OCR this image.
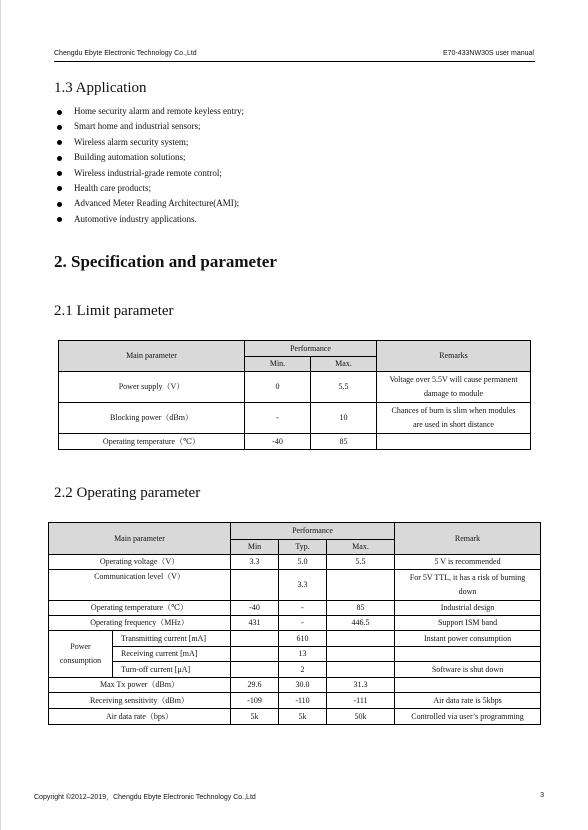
Chengdu Ebyte Electronic Technology Co.,Ltd	E70-433NW30S user manual
1.3 Application
Home security alarm and remote keyless entry;
Smart home and industrial sensors;
Wireless alarm security system;
Building automation solutions;
Wireless industrial-grade remote control;
Health care products;
Advanced Meter Reading Architecture(AMI);
Automotive industry applications.
2. Specification and parameter
2.1 Limit parameter
Main parameter	Performance		Remarks
	Min.	Max.	
Power supply（V）	0	5.5	Voltage over 5.5V will cause permanent
damage to module
Blocking power（dBm）	-	10	Chances of burn is slim when modules
are used in short distance
Operating temperature（℃）	-40	85	
2.2 Operating parameter
Main parameter		Performance			Remark
		Min	Typ.	Max.	
Operating voltage（V）		3.3	5.0	5.5	5 V is recommended
Communication level（V）			3.3		For 5V TTL, it has a risk of burning
down
Operating temperature（℃）		-40	-	85	Industrial design
Operating frequency（MHz）		431	-	446.5	Support ISM band
Power
consumption	Transmitting current [mA]		610		Instant power consumption
	Receiving current [mA]		13		
	Turn-off current [μA]		2		Software is shut down
Max Tx power（dBm）		29.6	30.0	31.3	
Receiving sensitivity（dBm）		-109	-110	-111	Air data rate is 5kbps
Air data rate（bps）		5k	5k	50k	Controlled via user’s programming
Copyright ©2012–2019，Chengdu Ebyte Electronic Technology Co.,Ltd	3
